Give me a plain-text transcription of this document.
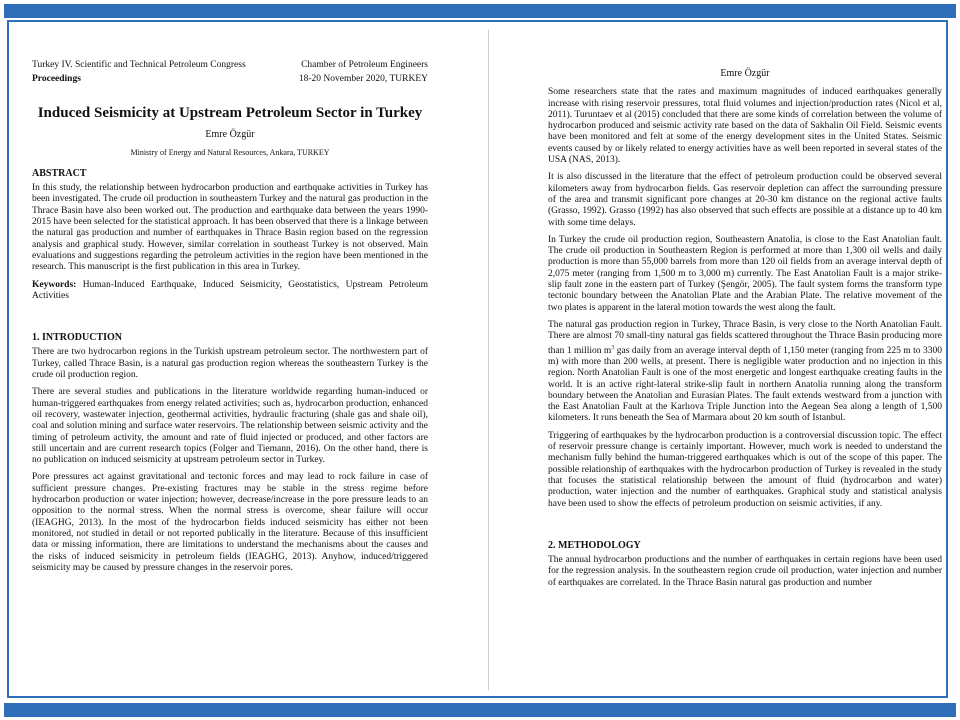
Turkey IV. Scientific and Technical Petroleum Congress
Proceedings
Chamber of Petroleum Engineers
18-20 November 2020, TURKEY
Induced Seismicity at Upstream Petroleum Sector in Turkey
Emre Özgür
Ministry of Energy and Natural Resources, Ankara, TURKEY
ABSTRACT

In this study, the relationship between hydrocarbon production and earthquake activities in Turkey has been investigated. The crude oil production in southeastern Turkey and the natural gas production in the Thrace Basin have also been worked out. The production and earthquake data between the years 1990-2015 have been selected for the statistical approach. It has been observed that there is a linkage between the natural gas production and number of earthquakes in Thrace Basin region based on the regression analysis and graphical study. However, similar correlation in southeast Turkey is not observed. Main evaluations and suggestions regarding the petroleum activities in the region have been mentioned in the research. This manuscript is the first publication in this area in Turkey.

Keywords: Human-Induced Earthquake, Induced Seismicity, Geostatistics, Upstream Petroleum Activities

1. INTRODUCTION

There are two hydrocarbon regions in the Turkish upstream petroleum sector. The northwestern part of Turkey, called Thrace Basin, is a natural gas production region whereas the southeastern Turkey is the crude oil production region.

There are several studies and publications in the literature worldwide regarding human-induced or human-triggered earthquakes from energy related activities; such as, hydrocarbon production, enhanced oil recovery, wastewater injection, geothermal activities, hydraulic fracturing (shale gas and shale oil), coal and solution mining and surface water reservoirs. The relationship between seismic activity and the timing of petroleum activity, the amount and rate of fluid injected or produced, and other factors are still uncertain and are current research topics (Folger and Tiemann, 2016). On the other hand, there is no publication on induced seismicity at upstream petroleum sector in Turkey.

Pore pressures act against gravitational and tectonic forces and may lead to rock failure in case of sufficient pressure changes. Pre-existing fractures may be stable in the stress regime before hydrocarbon production or water injection; however, decrease/increase in the pore pressure leads to an opposition to the normal stress. When the normal stress is overcome, shear failure will occur (IEAGHG, 2013). In the most of the hydrocarbon fields induced seismicity has either not been monitored, not studied in detail or not reported publically in the literature. Because of this insufficient data or missing information, there are limitations to understand the mechanisms about the causes and the risks of induced seismicity in petroleum fields (IEAGHG, 2013). Anyhow, induced/triggered seismicity may be caused by pressure changes in the reservoir pores.

Emre Özgür

Some researchers state that the rates and maximum magnitudes of induced earthquakes generally increase with rising reservoir pressures, total fluid volumes and injection/production rates (Nicol et al, 2011). Turuntaev et al (2015) concluded that there are some kinds of correlation between the volume of hydrocarbon produced and seismic activity rate based on the data of Sakhalin Oil Field. Seismic events have been monitored and felt at some of the energy development sites in the United States. Seismic events caused by or likely related to energy activities have as well been reported in several states of the USA (NAS, 2013).

It is also discussed in the literature that the effect of petroleum production could be observed several kilometers away from hydrocarbon fields. Gas reservoir depletion can affect the surrounding pressure of the area and transmit significant pore changes at 20-30 km distance on the regional active faults (Grasso, 1992). Grasso (1992) has also observed that such effects are possible at a distance up to 40 km with some time delays.

In Turkey the crude oil production region, Southeastern Anatolia, is close to the East Anatolian fault. The crude oil production in Southeastern Region is performed at more than 1,300 oil wells and daily production is more than 55,000 barrels from more than 120 oil fields from an average interval depth of 2,075 meter (ranging from 1,500 m to 3,000 m) currently. The East Anatolian Fault is a major strike-slip fault zone in the eastern part of Turkey (Şengör, 2005). The fault system forms the transform type tectonic boundary between the Anatolian Plate and the Arabian Plate. The relative movement of the two plates is apparent in the lateral motion towards the west along the fault.

The natural gas production region in Turkey, Thrace Basin, is very close to the North Anatolian Fault. There are almost 70 small-tiny natural gas fields scattered throughout the Thrace Basin producing more than 1 million $m^3$ gas daily from an average interval depth of 1,150 meter (ranging from 225 m to 3300 m) with more than 200 wells, at present. There is negligible water production and no injection in this region. North Anatolian Fault is one of the most energetic and longest earthquake creating faults in the world. It is an active right-lateral strike-slip fault in northern Anatolia running along the transform boundary between the Anatolian and Eurasian Plates. The fault extends westward from a junction with the East Anatolian Fault at the Karlıova Triple Junction into the Aegean Sea along a length of 1,500 kilometers. It runs beneath the Sea of Marmara about 20 km south of Istanbul.

Triggering of earthquakes by the hydrocarbon production is a controversial discussion topic. The effect of reservoir pressure change is certainly important. However, much work is needed to understand the mechanism fully behind the human-triggered earthquakes which is out of the scope of this paper. The possible relationship of earthquakes with the hydrocarbon production of Turkey is revealed in the study that focuses the statistical relationship between the amount of fluid (hydrocarbon and water) production, water injection and the number of earthquakes. Graphical study and statistical analysis have been used to show the effects of petroleum production on seismic activities, if any.

2. METHODOLOGY

The annual hydrocarbon productions and the number of earthquakes in certain regions have been used for the regression analysis. In the southeastern region crude oil production, water injection and number of earthquakes are correlated. In the Thrace Basin natural gas production and number
